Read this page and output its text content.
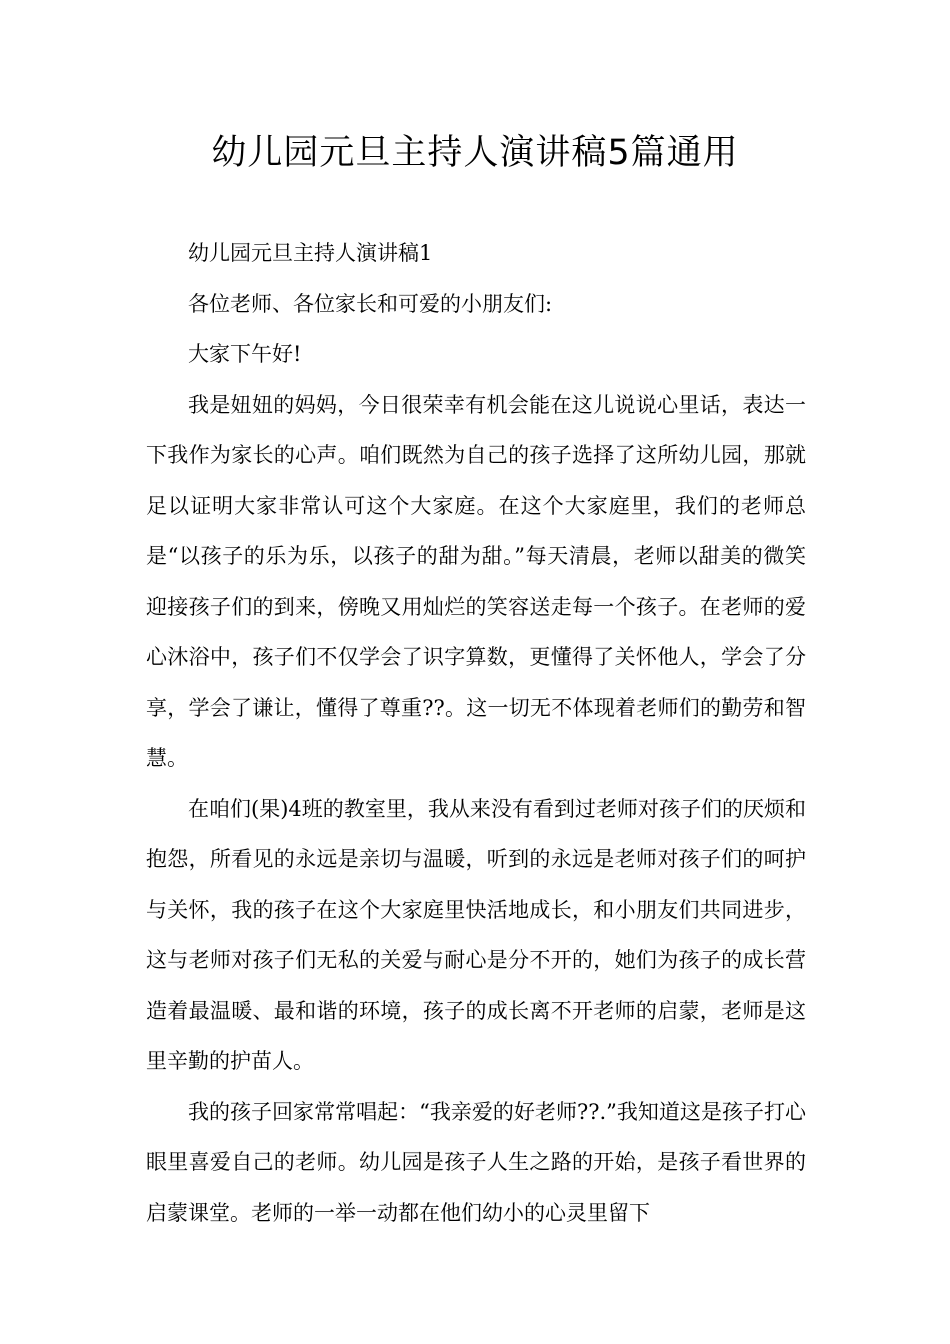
幼儿园元旦主持人演讲稿5篇通用

幼儿园元旦主持人演讲稿1

各位老师、各位家长和可爱的小朋友们:

大家下午好!

我是妞妞的妈妈，今日很荣幸有机会能在这儿说说心里话，表达一下我作为家长的心声。咱们既然为自己的孩子选择了这所幼儿园，那就足以证明大家非常认可这个大家庭。在这个大家庭里，我们的老师总是“以孩子的乐为乐，以孩子的甜为甜。”每天清晨，老师以甜美的微笑迎接孩子们的到来，傍晚又用灿烂的笑容送走每一个孩子。在老师的爱心沐浴中，孩子们不仅学会了识字算数，更懂得了关怀他人，学会了分享，学会了谦让，懂得了尊重??。这一切无不体现着老师们的勤劳和智慧。

在咱们(果)4班的教室里，我从来没有看到过老师对孩子们的厌烦和抱怨，所看见的永远是亲切与温暖，听到的永远是老师对孩子们的呵护与关怀，我的孩子在这个大家庭里快活地成长，和小朋友们共同进步，这与老师对孩子们无私的关爱与耐心是分不开的，她们为孩子的成长营造着最温暖、最和谐的环境，孩子的成长离不开老师的启蒙，老师是这里辛勤的护苗人。

我的孩子回家常常唱起：“我亲爱的好老师??.”我知道这是孩子打心眼里喜爱自己的老师。幼儿园是孩子人生之路的开始，是孩子看世界的启蒙课堂。老师的一举一动都在他们幼小的心灵里留下
